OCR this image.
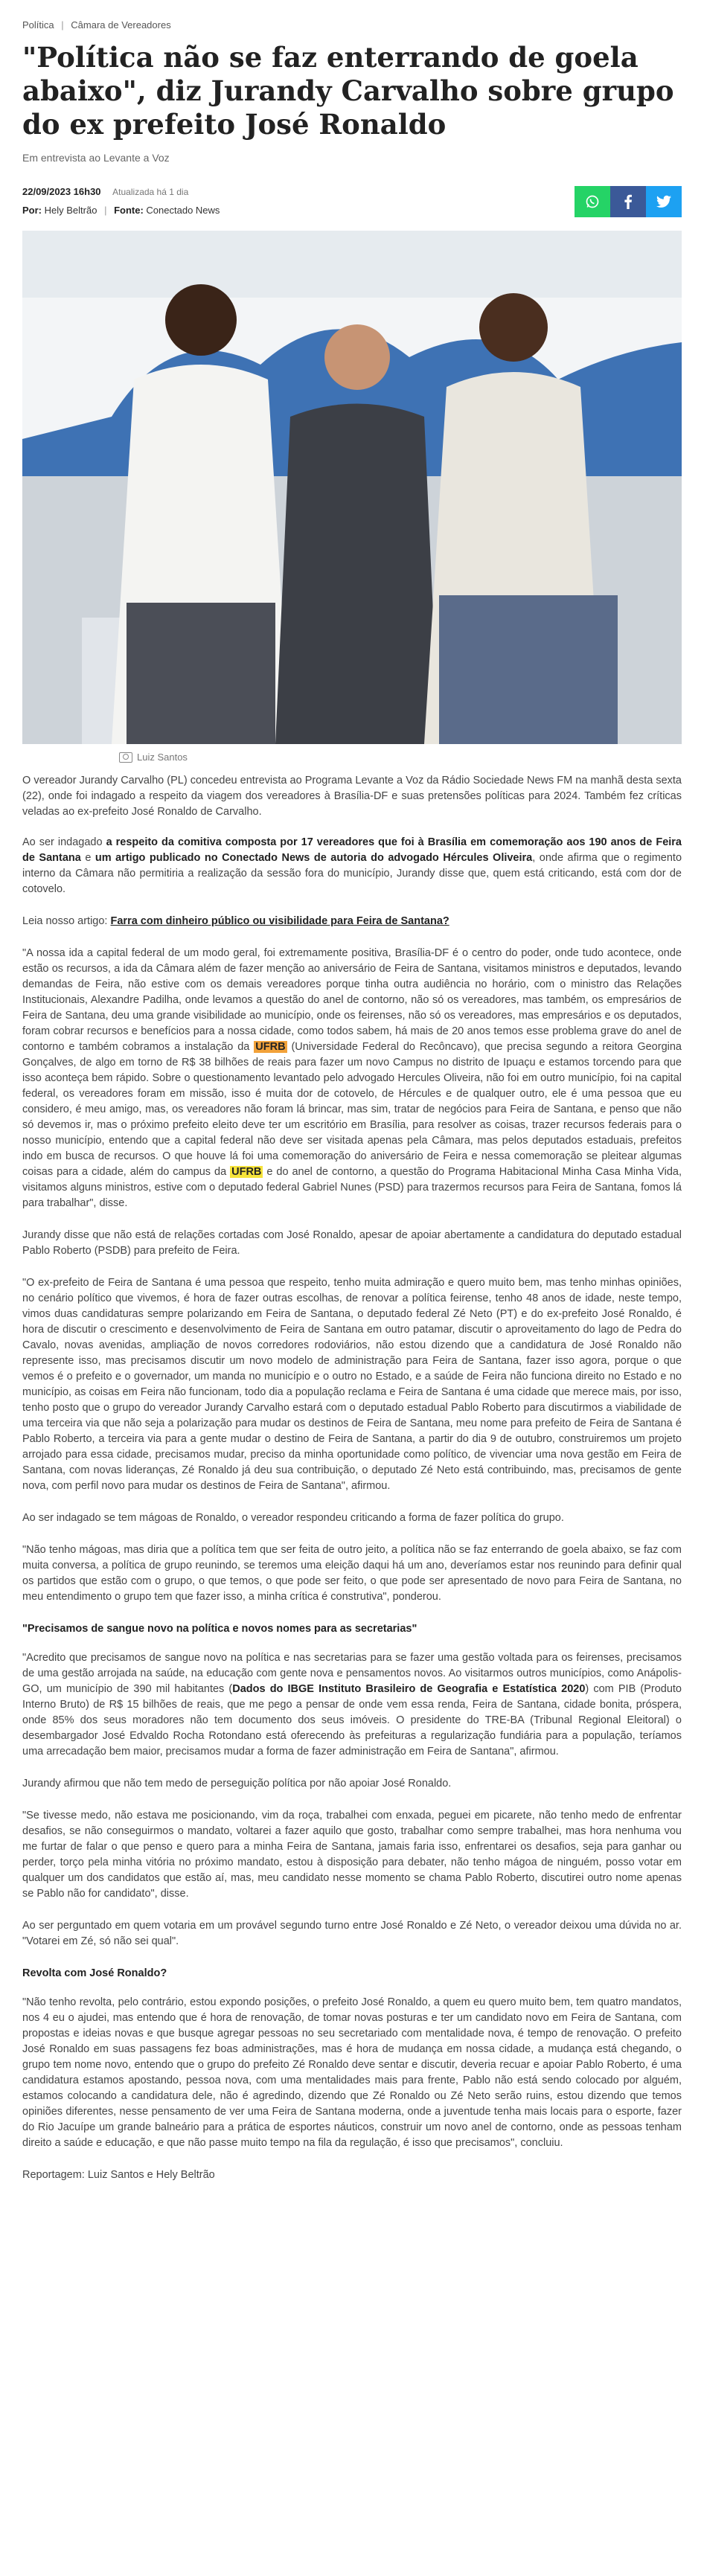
Política | Câmara de Vereadores
"Política não se faz enterrando de goela abaixo", diz Jurandy Carvalho sobre grupo do ex prefeito José Ronaldo
Em entrevista ao Levante a Voz
22/09/2023 16h30 Atualizada há 1 dia
Por: Hely Beltrão | Fonte: Conectado News
Luiz Santos

O vereador Jurandy Carvalho (PL) concedeu entrevista ao Programa Levante a Voz da Rádio Sociedade News FM na manhã desta sexta (22), onde foi indagado a respeito da viagem dos vereadores à Brasília-DF e suas pretensões políticas para 2024. Também fez críticas veladas ao ex-prefeito José Ronaldo de Carvalho.

Ao ser indagado a respeito da comitiva composta por 17 vereadores que foi à Brasília em comemoração aos 190 anos de Feira de Santana e um artigo publicado no Conectado News de autoria do advogado Hércules Oliveira, onde afirma que o regimento interno da Câmara não permitiria a realização da sessão fora do município, Jurandy disse que, quem está criticando, está com dor de cotovelo.

Leia nosso artigo: Farra com dinheiro público ou visibilidade para Feira de Santana?

"A nossa ida a capital federal de um modo geral, foi extremamente positiva, Brasília-DF é o centro do poder, onde tudo acontece, onde estão os recursos, a ida da Câmara além de fazer menção ao aniversário de Feira de Santana, visitamos ministros e deputados, levando demandas de Feira, não estive com os demais vereadores porque tinha outra audiência no horário, com o ministro das Relações Institucionais, Alexandre Padilha, onde levamos a questão do anel de contorno, não só os vereadores, mas também, os empresários de Feira de Santana, deu uma grande visibilidade ao município, onde os feirenses, não só os vereadores, mas empresários e os deputados, foram cobrar recursos e benefícios para a nossa cidade, como todos sabem, há mais de 20 anos temos esse problema grave do anel de contorno e também cobramos a instalação da UFRB (Universidade Federal do Recôncavo), que precisa segundo a reitora Georgina Gonçalves, de algo em torno de R$ 38 bilhões de reais para fazer um novo Campus no distrito de Ipuaçu e estamos torcendo para que isso aconteça bem rápido. Sobre o questionamento levantado pelo advogado Hercules Oliveira, não foi em outro município, foi na capital federal, os vereadores foram em missão, isso é muita dor de cotovelo, de Hércules e de qualquer outro, ele é uma pessoa que eu considero, é meu amigo, mas, os vereadores não foram lá brincar, mas sim, tratar de negócios para Feira de Santana, e penso que não só devemos ir, mas o próximo prefeito eleito deve ter um escritório em Brasília, para resolver as coisas, trazer recursos federais para o nosso município, entendo que a capital federal não deve ser visitada apenas pela Câmara, mas pelos deputados estaduais, prefeitos indo em busca de recursos. O que houve lá foi uma comemoração do aniversário de Feira e nessa comemoração se pleitear algumas coisas para a cidade, além do campus da UFRB e do anel de contorno, a questão do Programa Habitacional Minha Casa Minha Vida, visitamos alguns ministros, estive com o deputado federal Gabriel Nunes (PSD) para trazermos recursos para Feira de Santana, fomos lá para trabalhar", disse.

Jurandy disse que não está de relações cortadas com José Ronaldo, apesar de apoiar abertamente a candidatura do deputado estadual Pablo Roberto (PSDB) para prefeito de Feira.

"O ex-prefeito de Feira de Santana é uma pessoa que respeito, tenho muita admiração e quero muito bem, mas tenho minhas opiniões, no cenário político que vivemos, é hora de fazer outras escolhas, de renovar a política feirense, tenho 48 anos de idade, neste tempo, vimos duas candidaturas sempre polarizando em Feira de Santana, o deputado federal Zé Neto (PT) e do ex-prefeito José Ronaldo, é hora de discutir o crescimento e desenvolvimento de Feira de Santana em outro patamar, discutir o aproveitamento do lago de Pedra do Cavalo, novas avenidas, ampliação de novos corredores rodoviários, não estou dizendo que a candidatura de José Ronaldo não represente isso, mas precisamos discutir um novo modelo de administração para Feira de Santana, fazer isso agora, porque o que vemos é o prefeito e o governador, um manda no município e o outro no Estado, e a saúde de Feira não funciona direito no Estado e no município, as coisas em Feira não funcionam, todo dia a população reclama e Feira de Santana é uma cidade que merece mais, por isso, tenho posto que o grupo do vereador Jurandy Carvalho estará com o deputado estadual Pablo Roberto para discutirmos a viabilidade de uma terceira via que não seja a polarização para mudar os destinos de Feira de Santana, meu nome para prefeito de Feira de Santana é Pablo Roberto, a terceira via para a gente mudar o destino de Feira de Santana, a partir do dia 9 de outubro, construiremos um projeto arrojado para essa cidade, precisamos mudar, preciso da minha oportunidade como político, de vivenciar uma nova gestão em Feira de Santana, com novas lideranças, Zé Ronaldo já deu sua contribuição, o deputado Zé Neto está contribuindo, mas, precisamos de gente nova, com perfil novo para mudar os destinos de Feira de Santana", afirmou.

Ao ser indagado se tem mágoas de Ronaldo, o vereador respondeu criticando a forma de fazer política do grupo.

"Não tenho mágoas, mas diria que a política tem que ser feita de outro jeito, a política não se faz enterrando de goela abaixo, se faz com muita conversa, a política de grupo reunindo, se teremos uma eleição daqui há um ano, deveríamos estar nos reunindo para definir qual os partidos que estão com o grupo, o que temos, o que pode ser feito, o que pode ser apresentado de novo para Feira de Santana, no meu entendimento o grupo tem que fazer isso, a minha crítica é construtiva", ponderou.

"Precisamos de sangue novo na política e novos nomes para as secretarias"

"Acredito que precisamos de sangue novo na política e nas secretarias para se fazer uma gestão voltada para os feirenses, precisamos de uma gestão arrojada na saúde, na educação com gente nova e pensamentos novos. Ao visitarmos outros municípios, como Anápolis-GO, um município de 390 mil habitantes (Dados do IBGE Instituto Brasileiro de Geografia e Estatística 2020) com PIB (Produto Interno Bruto) de R$ 15 bilhões de reais, que me pego a pensar de onde vem essa renda, Feira de Santana, cidade bonita, próspera, onde 85% dos seus moradores não tem documento dos seus imóveis. O presidente do TRE-BA (Tribunal Regional Eleitoral) o desembargador José Edvaldo Rocha Rotondano está oferecendo às prefeituras a regularização fundiária para a população, teríamos uma arrecadação bem maior, precisamos mudar a forma de fazer administração em Feira de Santana", afirmou.

Jurandy afirmou que não tem medo de perseguição política por não apoiar José Ronaldo.

"Se tivesse medo, não estava me posicionando, vim da roça, trabalhei com enxada, peguei em picarete, não tenho medo de enfrentar desafios, se não conseguirmos o mandato, voltarei a fazer aquilo que gosto, trabalhar como sempre trabalhei, mas hora nenhuma vou me furtar de falar o que penso e quero para a minha Feira de Santana, jamais faria isso, enfrentarei os desafios, seja para ganhar ou perder, torço pela minha vitória no próximo mandato, estou à disposição para debater, não tenho mágoa de ninguém, posso votar em qualquer um dos candidatos que estão aí, mas, meu candidato nesse momento se chama Pablo Roberto, discutirei outro nome apenas se Pablo não for candidato", disse.

Ao ser perguntado em quem votaria em um provável segundo turno entre José Ronaldo e Zé Neto, o vereador deixou uma dúvida no ar. "Votarei em Zé, só não sei qual".

Revolta com José Ronaldo?

"Não tenho revolta, pelo contrário, estou expondo posições, o prefeito José Ronaldo, a quem eu quero muito bem, tem quatro mandatos, nos 4 eu o ajudei, mas entendo que é hora de renovação, de tomar novas posturas e ter um candidato novo em Feira de Santana, com propostas e ideias novas e que busque agregar pessoas no seu secretariado com mentalidade nova, é tempo de renovação. O prefeito José Ronaldo em suas passagens fez boas administrações, mas é hora de mudança em nossa cidade, a mudança está chegando, o grupo tem nome novo, entendo que o grupo do prefeito Zé Ronaldo deve sentar e discutir, deveria recuar e apoiar Pablo Roberto, é uma candidatura estamos apostando, pessoa nova, com uma mentalidades mais para frente, Pablo não está sendo colocado por alguém, estamos colocando a candidatura dele, não é agredindo, dizendo que Zé Ronaldo ou Zé Neto serão ruins, estou dizendo que temos opiniões diferentes, nesse pensamento de ver uma Feira de Santana moderna, onde a juventude tenha mais locais para o esporte, fazer do Rio Jacuípe um grande balneário para a prática de esportes náuticos, construir um novo anel de contorno, onde as pessoas tenham direito a saúde e educação, e que não passe muito tempo na fila da regulação, é isso que precisamos", concluiu.

Reportagem: Luiz Santos e Hely Beltrão
